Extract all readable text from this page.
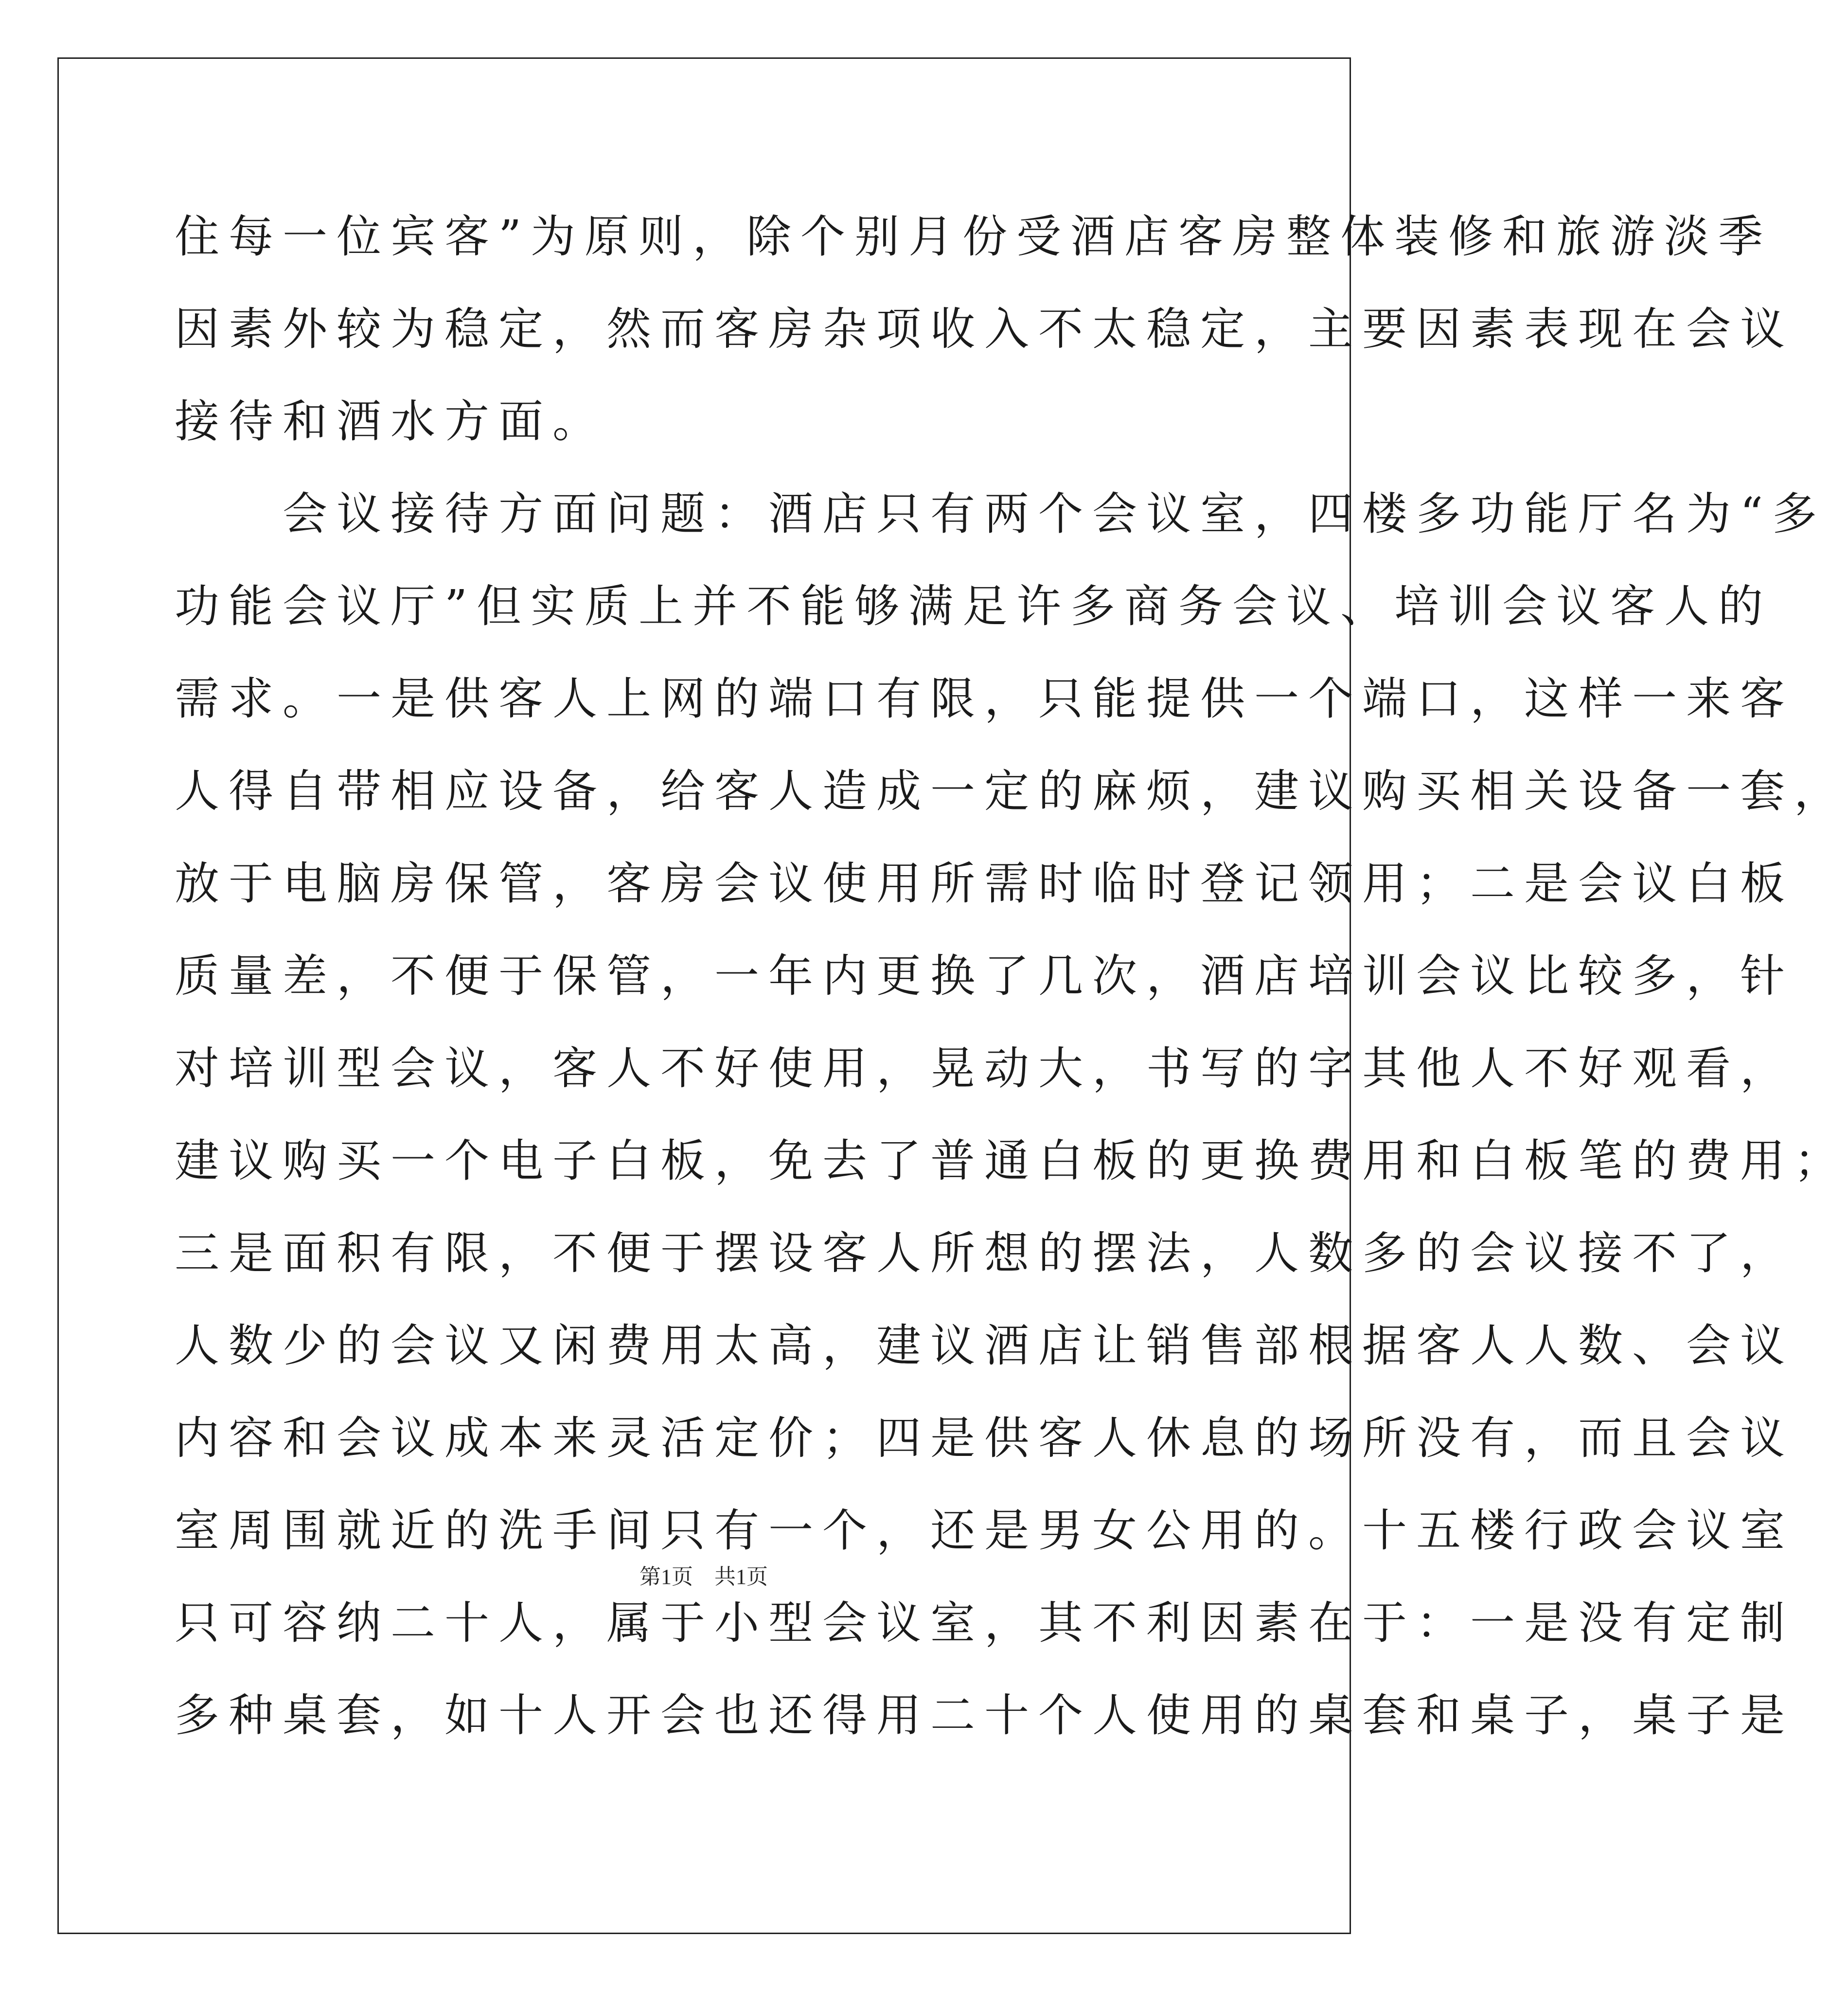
住每一位宾客”为原则，除个别月份受酒店客房整体装修和旅游淡季
因素外较为稳定，然而客房杂项收入不太稳定，主要因素表现在会议
接待和酒水方面。
　　会议接待方面问题：酒店只有两个会议室，四楼多功能厅名为“多
功能会议厅”但实质上并不能够满足许多商务会议、培训会议客人的
需求。一是供客人上网的端口有限，只能提供一个端口，这样一来客
人得自带相应设备，给客人造成一定的麻烦，建议购买相关设备一套，
放于电脑房保管，客房会议使用所需时临时登记领用；二是会议白板
质量差，不便于保管，一年内更换了几次，酒店培训会议比较多，针
对培训型会议，客人不好使用，晃动大，书写的字其他人不好观看，
建议购买一个电子白板，免去了普通白板的更换费用和白板笔的费用；
三是面积有限，不便于摆设客人所想的摆法，人数多的会议接不了，
人数少的会议又闲费用太高，建议酒店让销售部根据客人人数、会议
内容和会议成本来灵活定价；四是供客人休息的场所没有，而且会议
室周围就近的洗手间只有一个，还是男女公用的。十五楼行政会议室
只可容纳二十人，属于小型会议室，其不利因素在于：一是没有定制
多种桌套，如十人开会也还得用二十个人使用的桌套和桌子，桌子是
第1页 共1页
